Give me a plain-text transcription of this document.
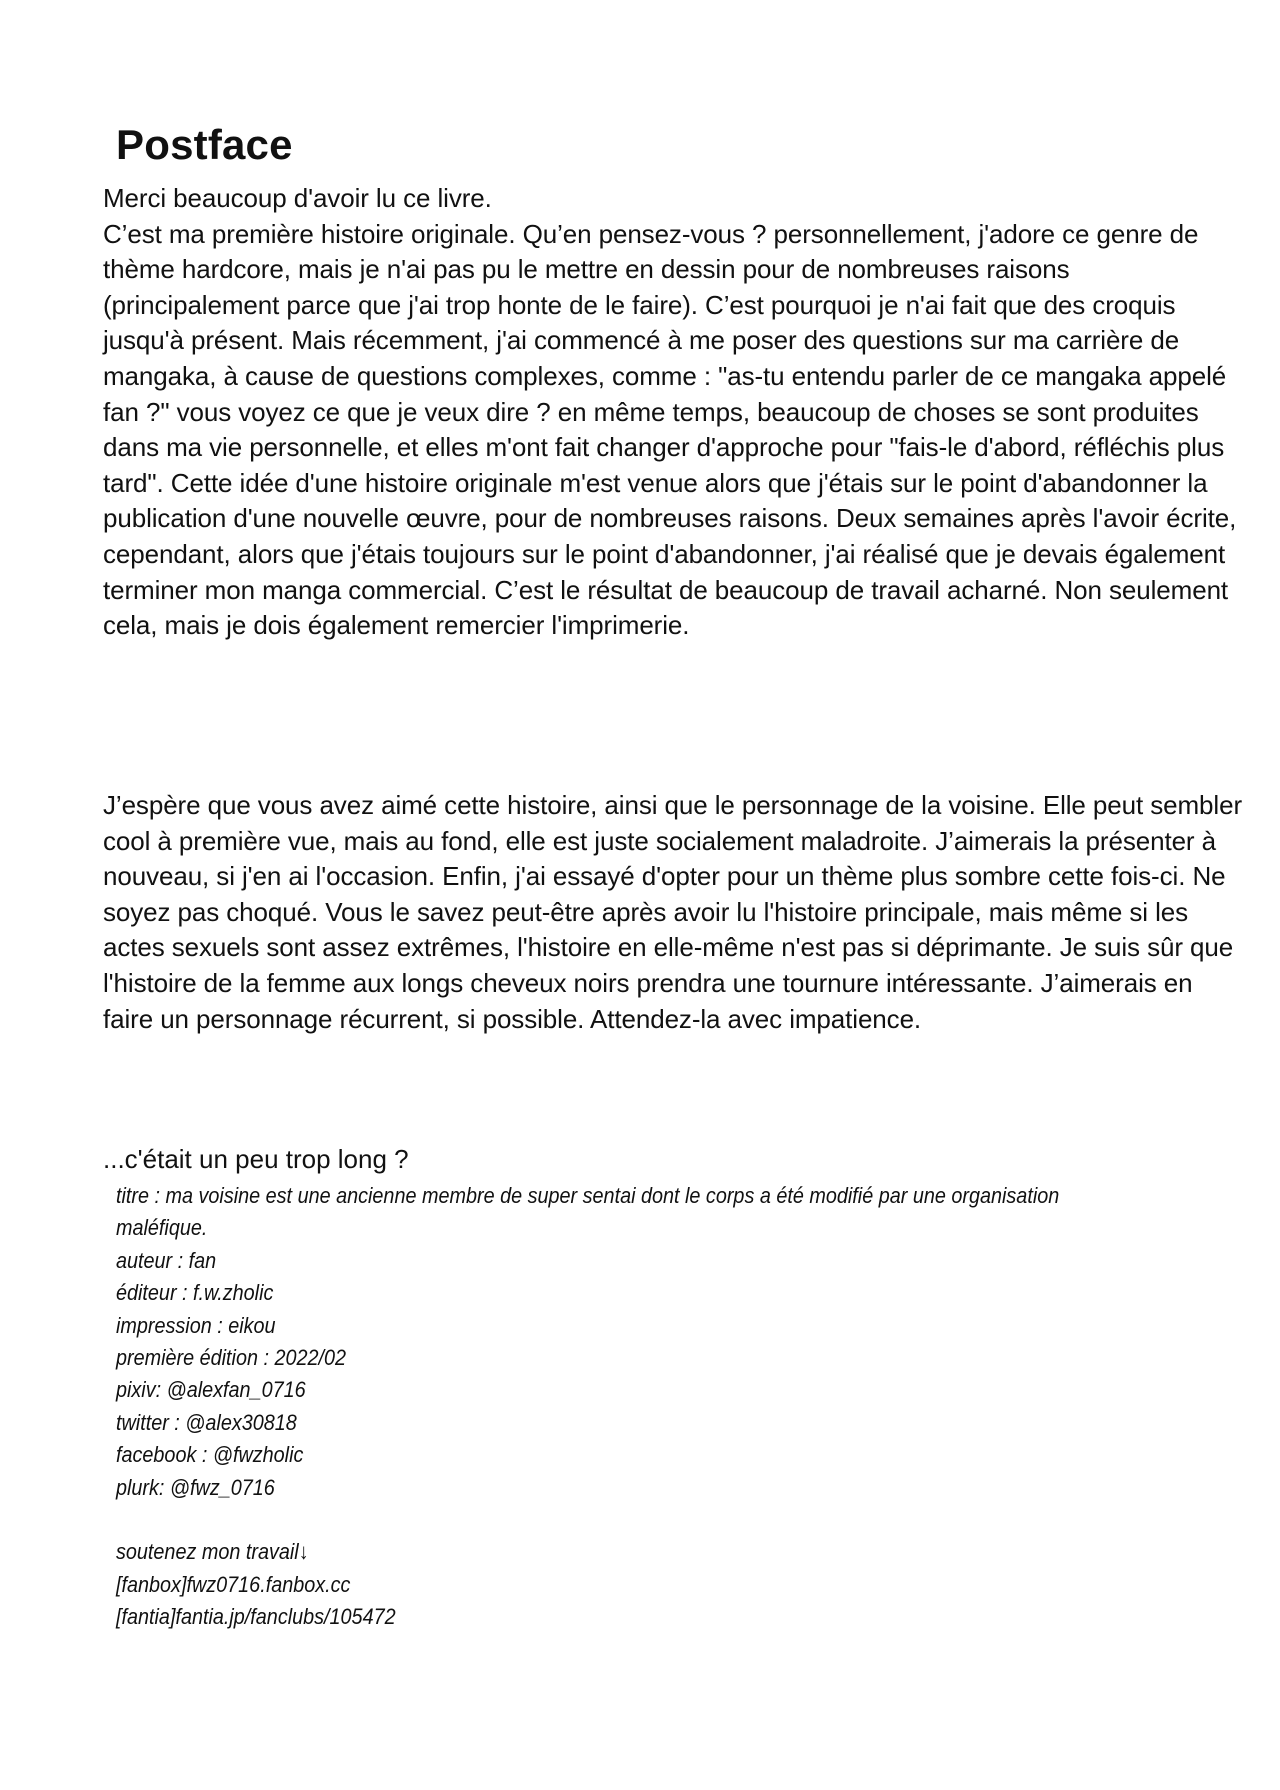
Postface
Merci beaucoup d'avoir lu ce livre.
C’est ma première histoire originale. Qu’en pensez-vous ? personnellement, j'adore ce genre de thème hardcore, mais je n'ai pas pu le mettre en dessin pour de nombreuses raisons (principalement parce que j'ai trop honte de le faire). C’est pourquoi je n'ai fait que des croquis jusqu'à présent. Mais récemment, j'ai commencé à me poser des questions sur ma carrière de mangaka, à cause de questions complexes, comme : "as-tu entendu parler de ce mangaka appelé fan ?" vous voyez ce que je veux dire ? en même temps, beaucoup de choses se sont produites dans ma vie personnelle, et elles m'ont fait changer d'approche pour "fais-le d'abord, réfléchis plus tard". Cette idée d'une histoire originale m'est venue alors que j'étais sur le point d'abandonner la publication d'une nouvelle œuvre, pour de nombreuses raisons. Deux semaines après l'avoir écrite, cependant, alors que j'étais toujours sur le point d'abandonner, j'ai réalisé que je devais également terminer mon manga commercial. C’est le résultat de beaucoup de travail acharné. Non seulement cela, mais je dois également remercier l'imprimerie.

J’espère que vous avez aimé cette histoire, ainsi que le personnage de la voisine. Elle peut sembler cool à première vue, mais au fond, elle est juste socialement maladroite. J’aimerais la présenter à nouveau, si j'en ai l'occasion. Enfin, j'ai essayé d'opter pour un thème plus sombre cette fois-ci. Ne soyez pas choqué. Vous le savez peut-être après avoir lu l'histoire principale, mais même si les actes sexuels sont assez extrêmes, l'histoire en elle-même n'est pas si déprimante. Je suis sûr que l'histoire de la femme aux longs cheveux noirs prendra une tournure intéressante. J’aimerais en faire un personnage récurrent, si possible. Attendez-la avec impatience.

...c'était un peu trop long ?

titre : ma voisine est une ancienne membre de super sentai dont le corps a été modifié par une organisation maléfique.
auteur : fan
éditeur : f.w.zholic
impression : eikou
première édition : 2022/02
pixiv: @alexfan_0716
twitter : @alex30818
facebook : @fwzholic
plurk: @fwz_0716
soutenez mon travail↓
[fanbox]fwz0716.fanbox.cc
[fantia]fantia.jp/fanclubs/105472
